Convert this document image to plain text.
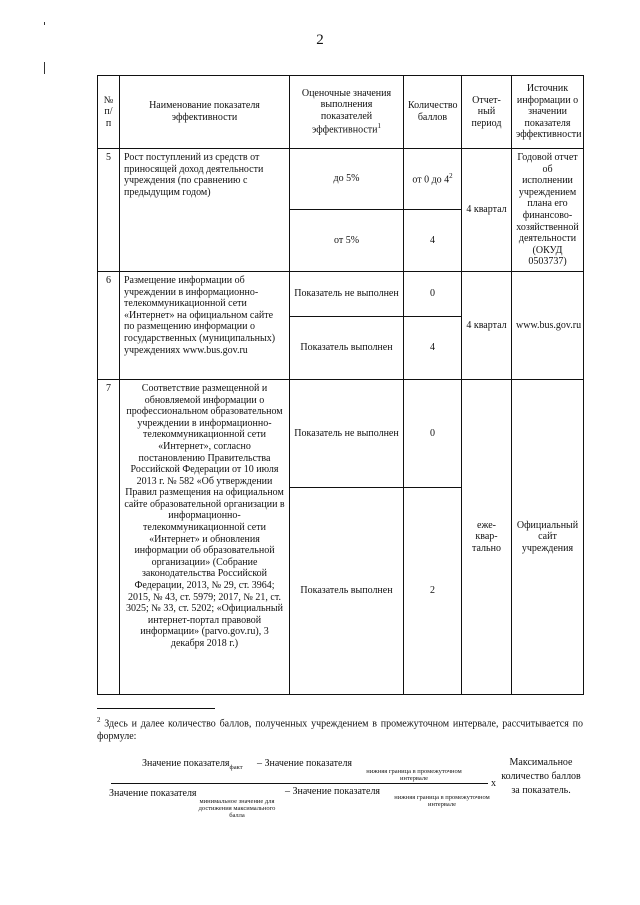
2
№ п/п	Наименование показателя эффективности	Оценочные значения выполнения показателей эффективности$^1$	Количество баллов	Отчет-ный период	Источник информации о значении показателя эффективности
5	Рост поступлений из средств от приносящей доход деятельности учреждения (по сравнению с предыдущим годом)	до 5%	от 0 до $4^2$	4 квартал	Годовой отчет об исполнении учреждением плана его финансово-хозяйственной деятельности (ОКУД 0503737)
		от 5%	4		
6	Размещение информации об учреждении в информационно-телекоммуникационной сети «Интернет» на официальном сайте по размещению информации о государственных (муниципальных) учреждениях www.bus.gov.ru	Показатель не выполнен	0	4 квартал	www.bus.gov.ru
		Показатель выполнен	4		
7	Соответствие размещенной и обновляемой информации о профессиональном образовательном учреждении в информационно-телекоммуникационной сети «Интернет», согласно постановлению Правительства Российской Федерации от 10 июля 2013 г. № 582 «Об утверждении Правил размещения на официальном сайте образовательной организации в информационно-телекоммуникационной сети «Интернет» и обновления информации об образовательной организации» (Собрание законодательства Российской Федерации, 2013, № 29, ст. 3964; 2015, № 43, ст. 5979; 2017, № 21, ст. 3025; № 33, ст. 5202; «Официальный интернет-портал правовой информации» (parvo.gov.ru), 3 декабря 2018 г.)	Показатель не выполнен	0	еже-квар-тально	Официальный сайт учреждения
		Показатель выполнен	2		
$^2$ Здесь и далее количество баллов, полученных учреждением в промежуточном интервале, рассчитывается по формуле:
Значение показателя$_{факт}$ – Значение показателя
нижняя граница в промежуточном интервале	x
Значение показателя
минимальное значение для достижения максимального балла
– Значение показателя
нижняя граница в промежуточном интервале
Максимальное количество баллов за показатель.
